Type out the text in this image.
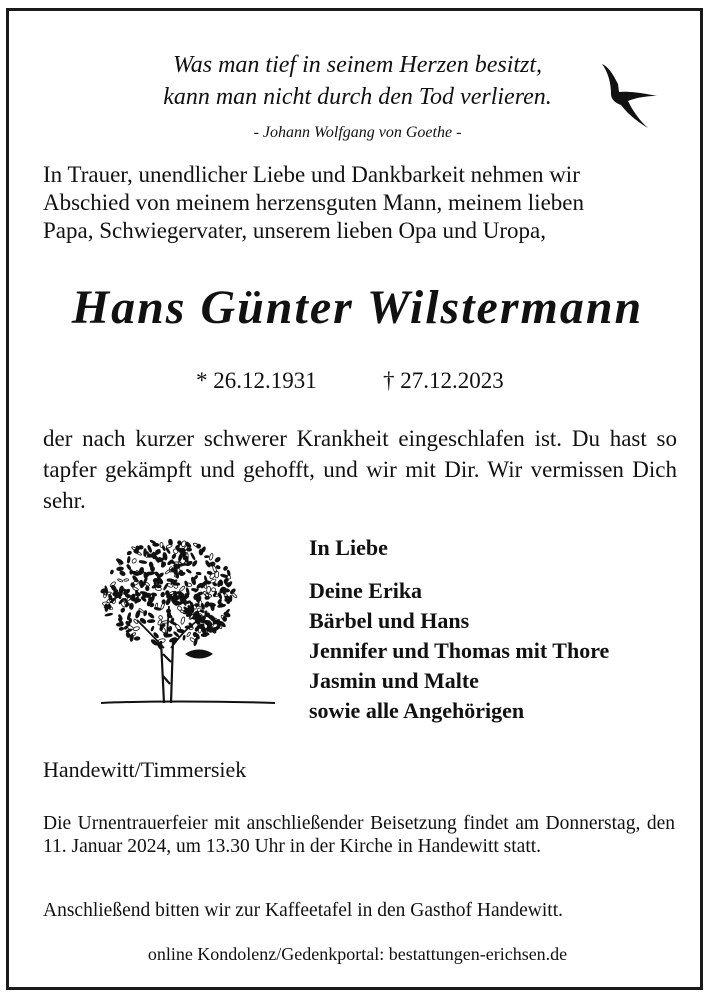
Was man tief in seinem Herzen besitzt,
kann man nicht durch den Tod verlieren.
- Johann Wolfgang von Goethe -
In Trauer, unendlicher Liebe und Dankbarkeit nehmen wir
Abschied von meinem herzensguten Mann, meinem lieben
Papa, Schwiegervater, unserem lieben Opa und Uropa,
Hans Günter Wilstermann
* 26.12.1931	† 27.12.2023
der nach kurzer schwerer Krankheit eingeschlafen ist. Du hast so tapfer gekämpft und gehofft, und wir mit Dir. Wir vermissen Dich sehr.
In Liebe
Deine Erika
Bärbel und Hans
Jennifer und Thomas mit Thore
Jasmin und Malte
sowie alle Angehörigen
Handewitt/Timmersiek
Die Urnentrauerfeier mit anschließender Beisetzung findet am Donnerstag, den 11. Januar 2024, um 13.30 Uhr in der Kirche in Handewitt statt.
Anschließend bitten wir zur Kaffeetafel in den Gasthof Handewitt.
online Kondolenz/Gedenkportal: bestattungen-erichsen.de
